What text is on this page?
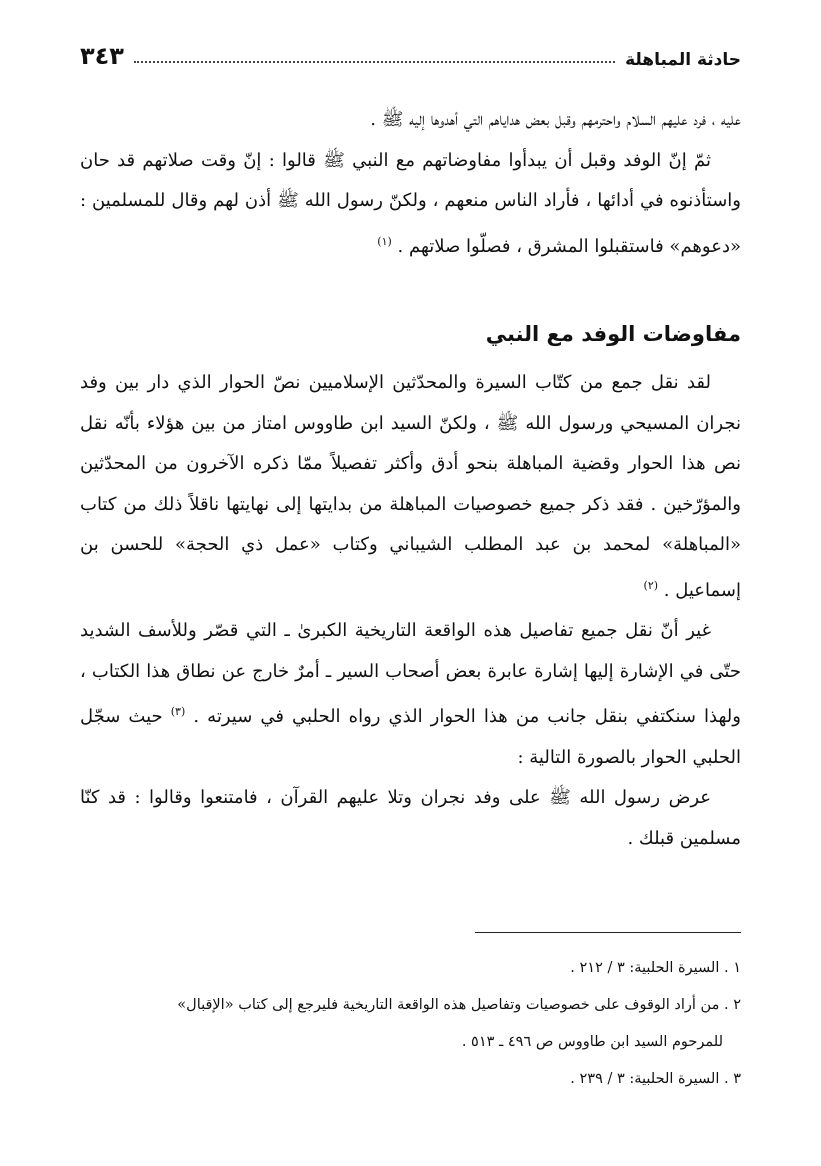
حادثة المباهلة
٣٤٣

عليه ، فرد عليهم السلام واحترمهم وقبل بعض هداياهم التي أهدوها إليه ﷺ .

ثمّ إنّ الوفد وقبل أن يبدأوا مفاوضاتهم مع النبي ﷺ قالوا : إنّ وقت صلاتهم قد حان واستأذنوه في أدائها ، فأراد الناس منعهم ، ولكنّ رسول الله ﷺ أذن لهم وقال للمسلمين : «دعوهم» فاستقبلوا المشرق ، فصلّوا صلاتهم . $^{(١)}$

مفاوضات الوفد مع النبي

لقد نقل جمع من كتّاب السيرة والمحدّثين الإسلاميين نصّ الحوار الذي دار بين وفد نجران المسيحي ورسول الله ﷺ ، ولكنّ السيد ابن طاووس امتاز من بين هؤلاء بأنّه نقل نص هذا الحوار وقضية المباهلة بنحو أدق وأكثر تفصيلاً ممّا ذكره الآخرون من المحدّثين والمؤرّخين . فقد ذكر جميع خصوصيات المباهلة من بدايتها إلى نهايتها ناقلاً ذلك من كتاب «المباهلة» لمحمد بن عبد المطلب الشيباني وكتاب «عمل ذي الحجة» للحسن بن إسماعيل . $^{(٢)}$

غير أنّ نقل جميع تفاصيل هذه الواقعة التاريخية الكبرىٰ ـ التي قصّر وللأسف الشديد حتّى في الإشارة إليها إشارة عابرة بعض أصحاب السير ـ أمرٌ خارج عن نطاق هذا الكتاب ، ولهذا سنكتفي بنقل جانب من هذا الحوار الذي رواه الحلبي في سيرته . $^{(٣)}$ حيث سجّل الحلبي الحوار بالصورة التالية :

عرض رسول الله ﷺ على وفد نجران وتلا عليهم القرآن ، فامتنعوا وقالوا : قد كنّا مسلمين قبلك .

١ . السيرة الحلبية: ٣ / ٢١٢ .

٢ . من أراد الوقوف على خصوصيات وتفاصيل هذه الواقعة التاريخية فليرجع إلى كتاب «الإقبال»
للمرحوم السيد ابن طاووس ص ٤٩٦ ـ ٥١٣ .

٣ . السيرة الحلبية: ٣ / ٢٣٩ .
